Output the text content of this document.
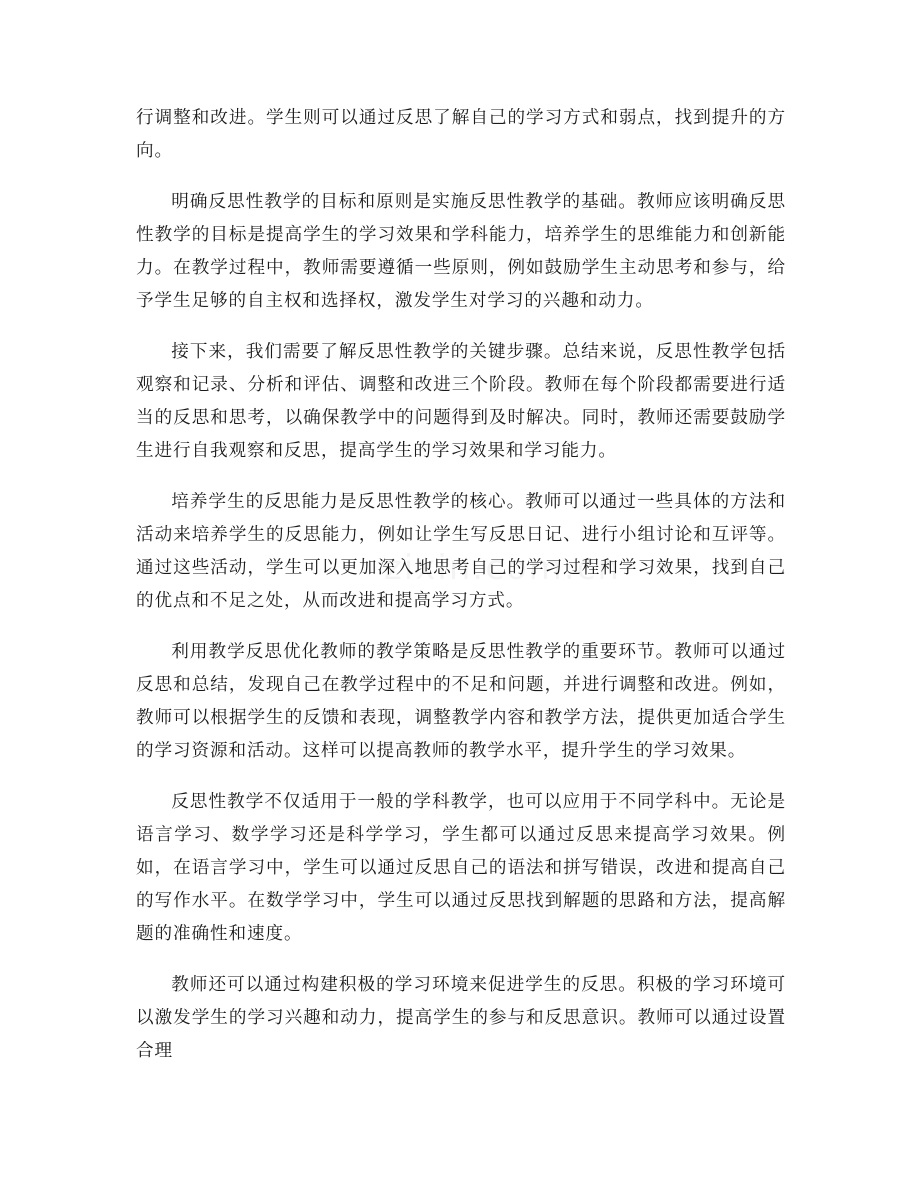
行调整和改进。学生则可以通过反思了解自己的学习方式和弱点，找到提升的方向。

明确反思性教学的目标和原则是实施反思性教学的基础。教师应该明确反思性教学的目标是提高学生的学习效果和学科能力，培养学生的思维能力和创新能力。在教学过程中，教师需要遵循一些原则，例如鼓励学生主动思考和参与，给予学生足够的自主权和选择权，激发学生对学习的兴趣和动力。

接下来，我们需要了解反思性教学的关键步骤。总结来说，反思性教学包括观察和记录、分析和评估、调整和改进三个阶段。教师在每个阶段都需要进行适当的反思和思考，以确保教学中的问题得到及时解决。同时，教师还需要鼓励学生进行自我观察和反思，提高学生的学习效果和学习能力。

培养学生的反思能力是反思性教学的核心。教师可以通过一些具体的方法和活动来培养学生的反思能力，例如让学生写反思日记、进行小组讨论和互评等。通过这些活动，学生可以更加深入地思考自己的学习过程和学习效果，找到自己的优点和不足之处，从而改进和提高学习方式。

利用教学反思优化教师的教学策略是反思性教学的重要环节。教师可以通过反思和总结，发现自己在教学过程中的不足和问题，并进行调整和改进。例如，教师可以根据学生的反馈和表现，调整教学内容和教学方法，提供更加适合学生的学习资源和活动。这样可以提高教师的教学水平，提升学生的学习效果。

反思性教学不仅适用于一般的学科教学，也可以应用于不同学科中。无论是语言学习、数学学习还是科学学习，学生都可以通过反思来提高学习效果。例如，在语言学习中，学生可以通过反思自己的语法和拼写错误，改进和提高自己的写作水平。在数学学习中，学生可以通过反思找到解题的思路和方法，提高解题的准确性和速度。

教师还可以通过构建积极的学习环境来促进学生的反思。积极的学习环境可以激发学生的学习兴趣和动力，提高学生的参与和反思意识。教师可以通过设置合理
